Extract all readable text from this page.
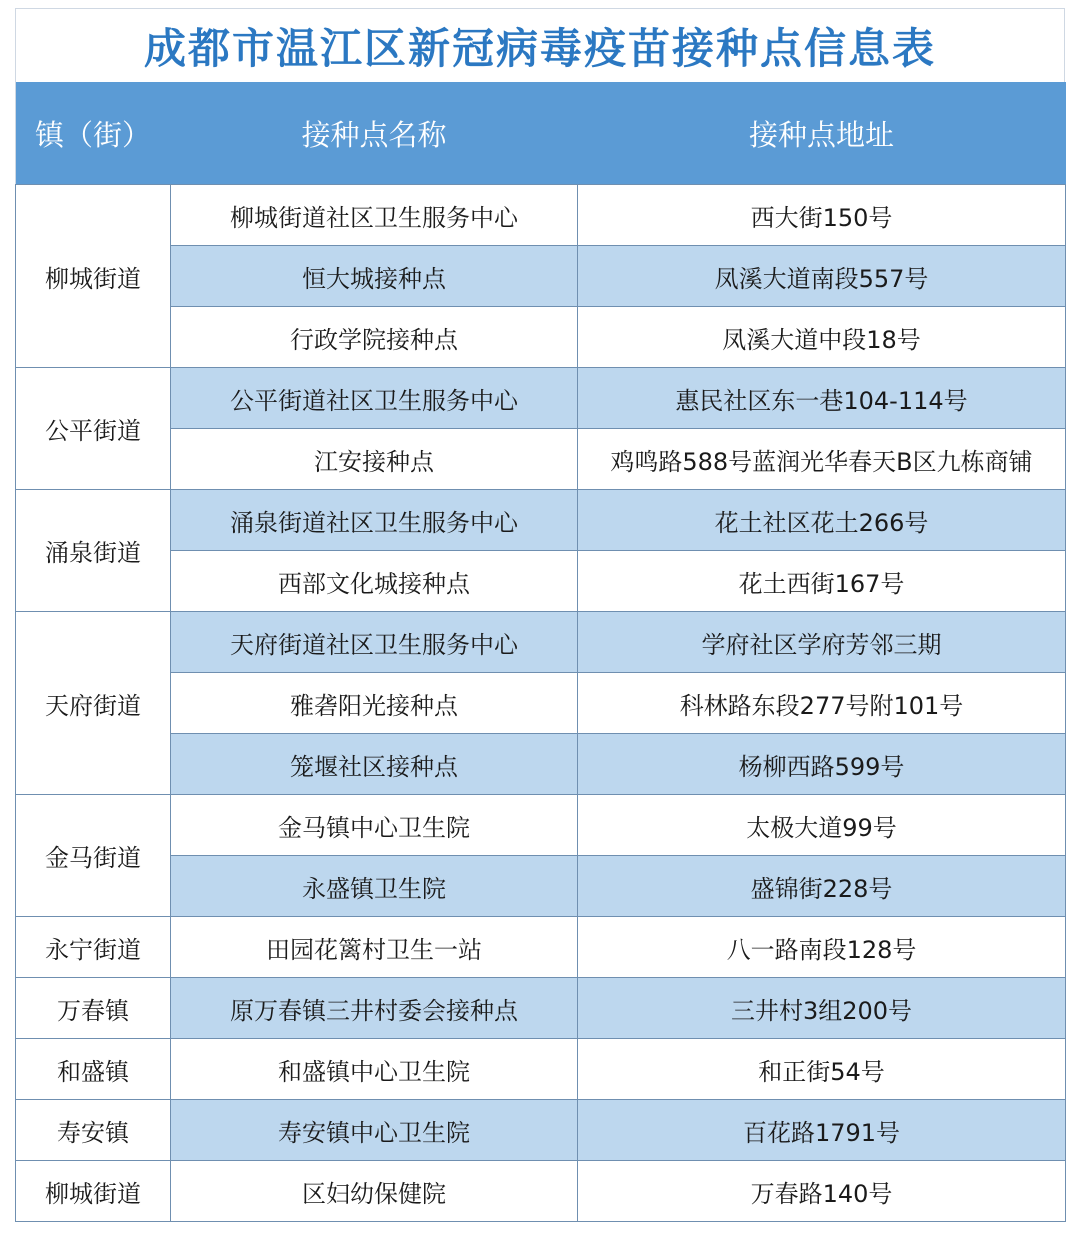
成都市温江区新冠病毒疫苗接种点信息表
镇（街）	接种点名称	接种点地址
柳城街道	柳城街道社区卫生服务中心	西大街150号
	恒大城接种点	凤溪大道南段557号
	行政学院接种点	凤溪大道中段18号
公平街道	公平街道社区卫生服务中心	惠民社区东一巷104-114号
	江安接种点	鸡鸣路588号蓝润光华春天B区九栋商铺
涌泉街道	涌泉街道社区卫生服务中心	花土社区花土266号
	西部文化城接种点	花土西街167号
天府街道	天府街道社区卫生服务中心	学府社区学府芳邻三期
	雅砻阳光接种点	科林路东段277号附101号
	笼堰社区接种点	杨柳西路599号
金马街道	金马镇中心卫生院	太极大道99号
	永盛镇卫生院	盛锦街228号
永宁街道	田园花篱村卫生一站	八一路南段128号
万春镇	原万春镇三井村委会接种点	三井村3组200号
和盛镇	和盛镇中心卫生院	和正街54号
寿安镇	寿安镇中心卫生院	百花路1791号
柳城街道	区妇幼保健院	万春路140号
